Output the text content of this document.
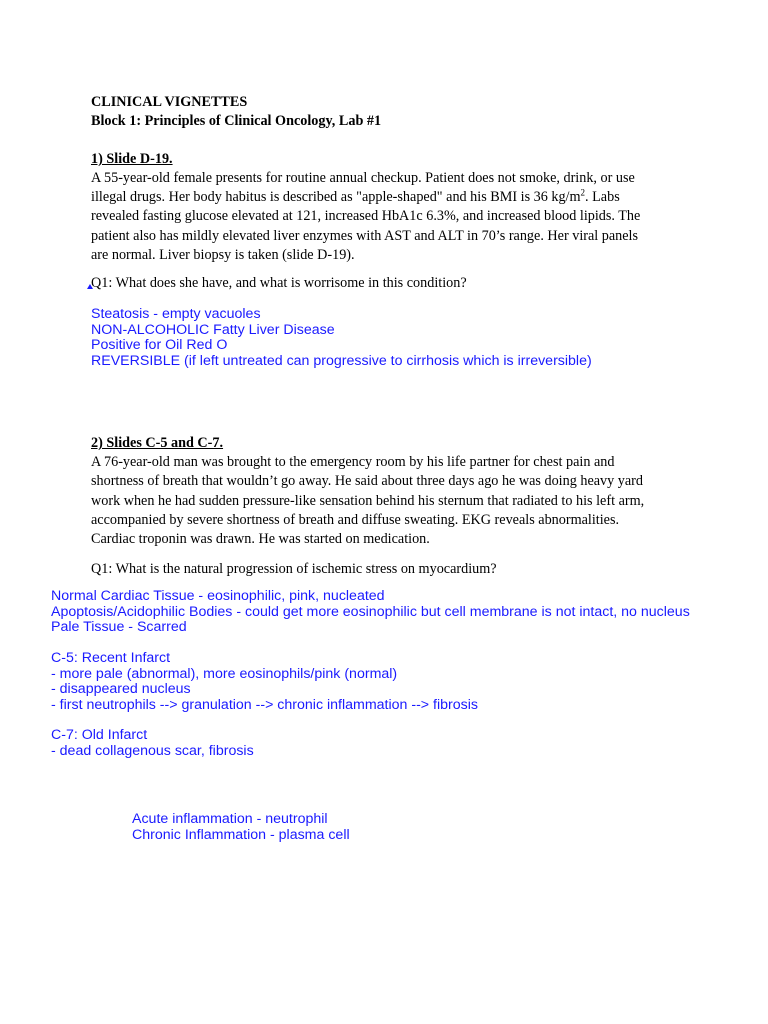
CLINICAL VIGNETTES
Block 1: Principles of Clinical Oncology, Lab #1
1) Slide D-19.
A 55-year-old female presents for routine annual checkup. Patient does not smoke, drink, or use
illegal drugs. Her body habitus is described as "apple-shaped" and his BMI is 36 $kg/m^2$. Labs
revealed fasting glucose elevated at 121, increased HbA1c 6.3%, and increased blood lipids. The
patient also has mildly elevated liver enzymes with AST and ALT in 70’s range. Her viral panels
are normal. Liver biopsy is taken (slide D-19).
Q1: What does she have, and what is worrisome in this condition?
Steatosis - empty vacuoles
NON-ALCOHOLIC Fatty Liver Disease
Positive for Oil Red O
REVERSIBLE (if left untreated can progressive to cirrhosis which is irreversible)
2) Slides C-5 and C-7.
A 76-year-old man was brought to the emergency room by his life partner for chest pain and
shortness of breath that wouldn’t go away. He said about three days ago he was doing heavy yard
work when he had sudden pressure-like sensation behind his sternum that radiated to his left arm,
accompanied by severe shortness of breath and diffuse sweating. EKG reveals abnormalities.
Cardiac troponin was drawn. He was started on medication.
Q1: What is the natural progression of ischemic stress on myocardium?
Normal Cardiac Tissue - eosinophilic, pink, nucleated
Apoptosis/Acidophilic Bodies - could get more eosinophilic but cell membrane is not intact, no nucleus
Pale Tissue - Scarred
C-5: Recent Infarct
- more pale (abnormal), more eosinophils/pink (normal)
- disappeared nucleus
- first neutrophils --> granulation --> chronic inflammation --> fibrosis
C-7: Old Infarct
- dead collagenous scar, fibrosis
Acute inflammation - neutrophil
Chronic Inflammation - plasma cell
